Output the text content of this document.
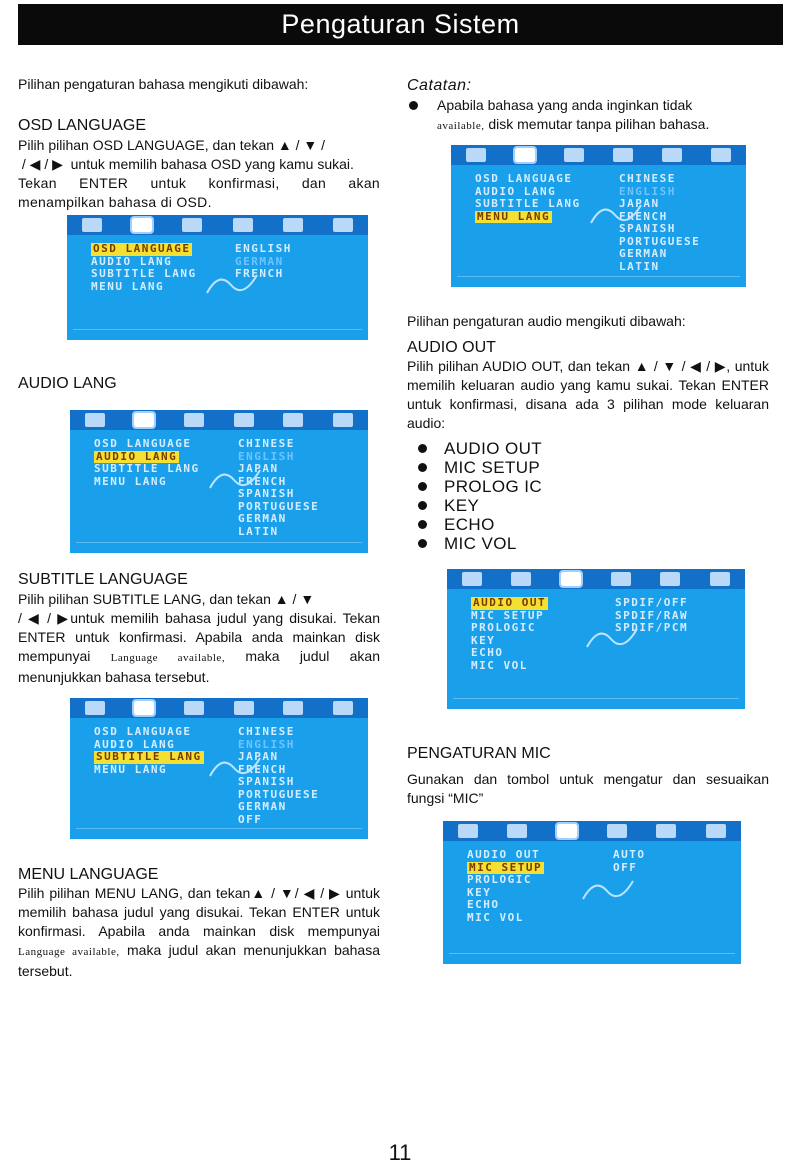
Pengaturan Sistem
Pilihan pengaturan bahasa mengikuti dibawah:
OSD LANGUAGE
Pilih pilihan OSD LANGUAGE, dan tekan ▲ / ▼ /
/ ◀ / ▶  untuk memilih bahasa OSD yang kamu sukai.
Tekan ENTER untuk konfirmasi, dan akan menampilkan bahasa di OSD.
OSD LANGUAGE
AUDIO LANG
SUBTITLE LANG
MENU LANG
ENGLISH
GERMAN
FRENCH
AUDIO LANG
OSD LANGUAGE
AUDIO LANG
SUBTITLE LANG
MENU LANG
CHINESE
ENGLISH
JAPAN
FRENCH
SPANISH
PORTUGUESE
GERMAN
LATIN
SUBTITLE LANGUAGE
Pilih pilihan SUBTITLE LANG, dan tekan ▲ / ▼
/ ◀ / ▶untuk memilih bahasa judul yang disukai. Tekan ENTER untuk konfirmasi. Apabila anda mainkan disk mempunyai Language available, maka judul akan menunjukkan bahasa tersebut.
OSD LANGUAGE
AUDIO LANG
SUBTITLE LANG
MENU LANG
CHINESE
ENGLISH
JAPAN
FRENCH
SPANISH
PORTUGUESE
GERMAN
OFF
MENU LANGUAGE
Pilih pilihan MENU LANG, dan tekan▲ / ▼/ ◀ / ▶ untuk memilih bahasa judul yang disukai. Tekan ENTER untuk konfirmasi. Apabila anda mainkan disk mempunyai Language available, maka judul akan menunjukkan bahasa tersebut.
Catatan:
Apabila bahasa yang anda inginkan tidak
available, disk memutar tanpa pilihan bahasa.
OSD LANGUAGE
AUDIO LANG
SUBTITLE LANG
MENU LANG
CHINESE
ENGLISH
JAPAN
FRENCH
SPANISH
PORTUGUESE
GERMAN
LATIN
Pilihan pengaturan audio mengikuti dibawah:
AUDIO OUT
Pilih pilihan AUDIO OUT, dan tekan ▲ / ▼ / ◀ / ▶, untuk memilih keluaran audio yang kamu sukai. Tekan ENTER untuk konfirmasi, disana ada 3 pilihan mode keluaran audio:
AUDIO OUT
MIC SETUP
PROLOG IC
KEY
ECHO
MIC VOL
AUDIO OUT
MIC SETUP
PROLOGIC
KEY
ECHO
MIC VOL
SPDIF/OFF
SPDIF/RAW
SPDIF/PCM
PENGATURAN MIC
Gunakan dan tombol untuk mengatur dan sesuaikan fungsi “MIC”
AUDIO OUT
MIC SETUP
PROLOGIC
KEY
ECHO
MIC VOL
AUTO
OFF
11
